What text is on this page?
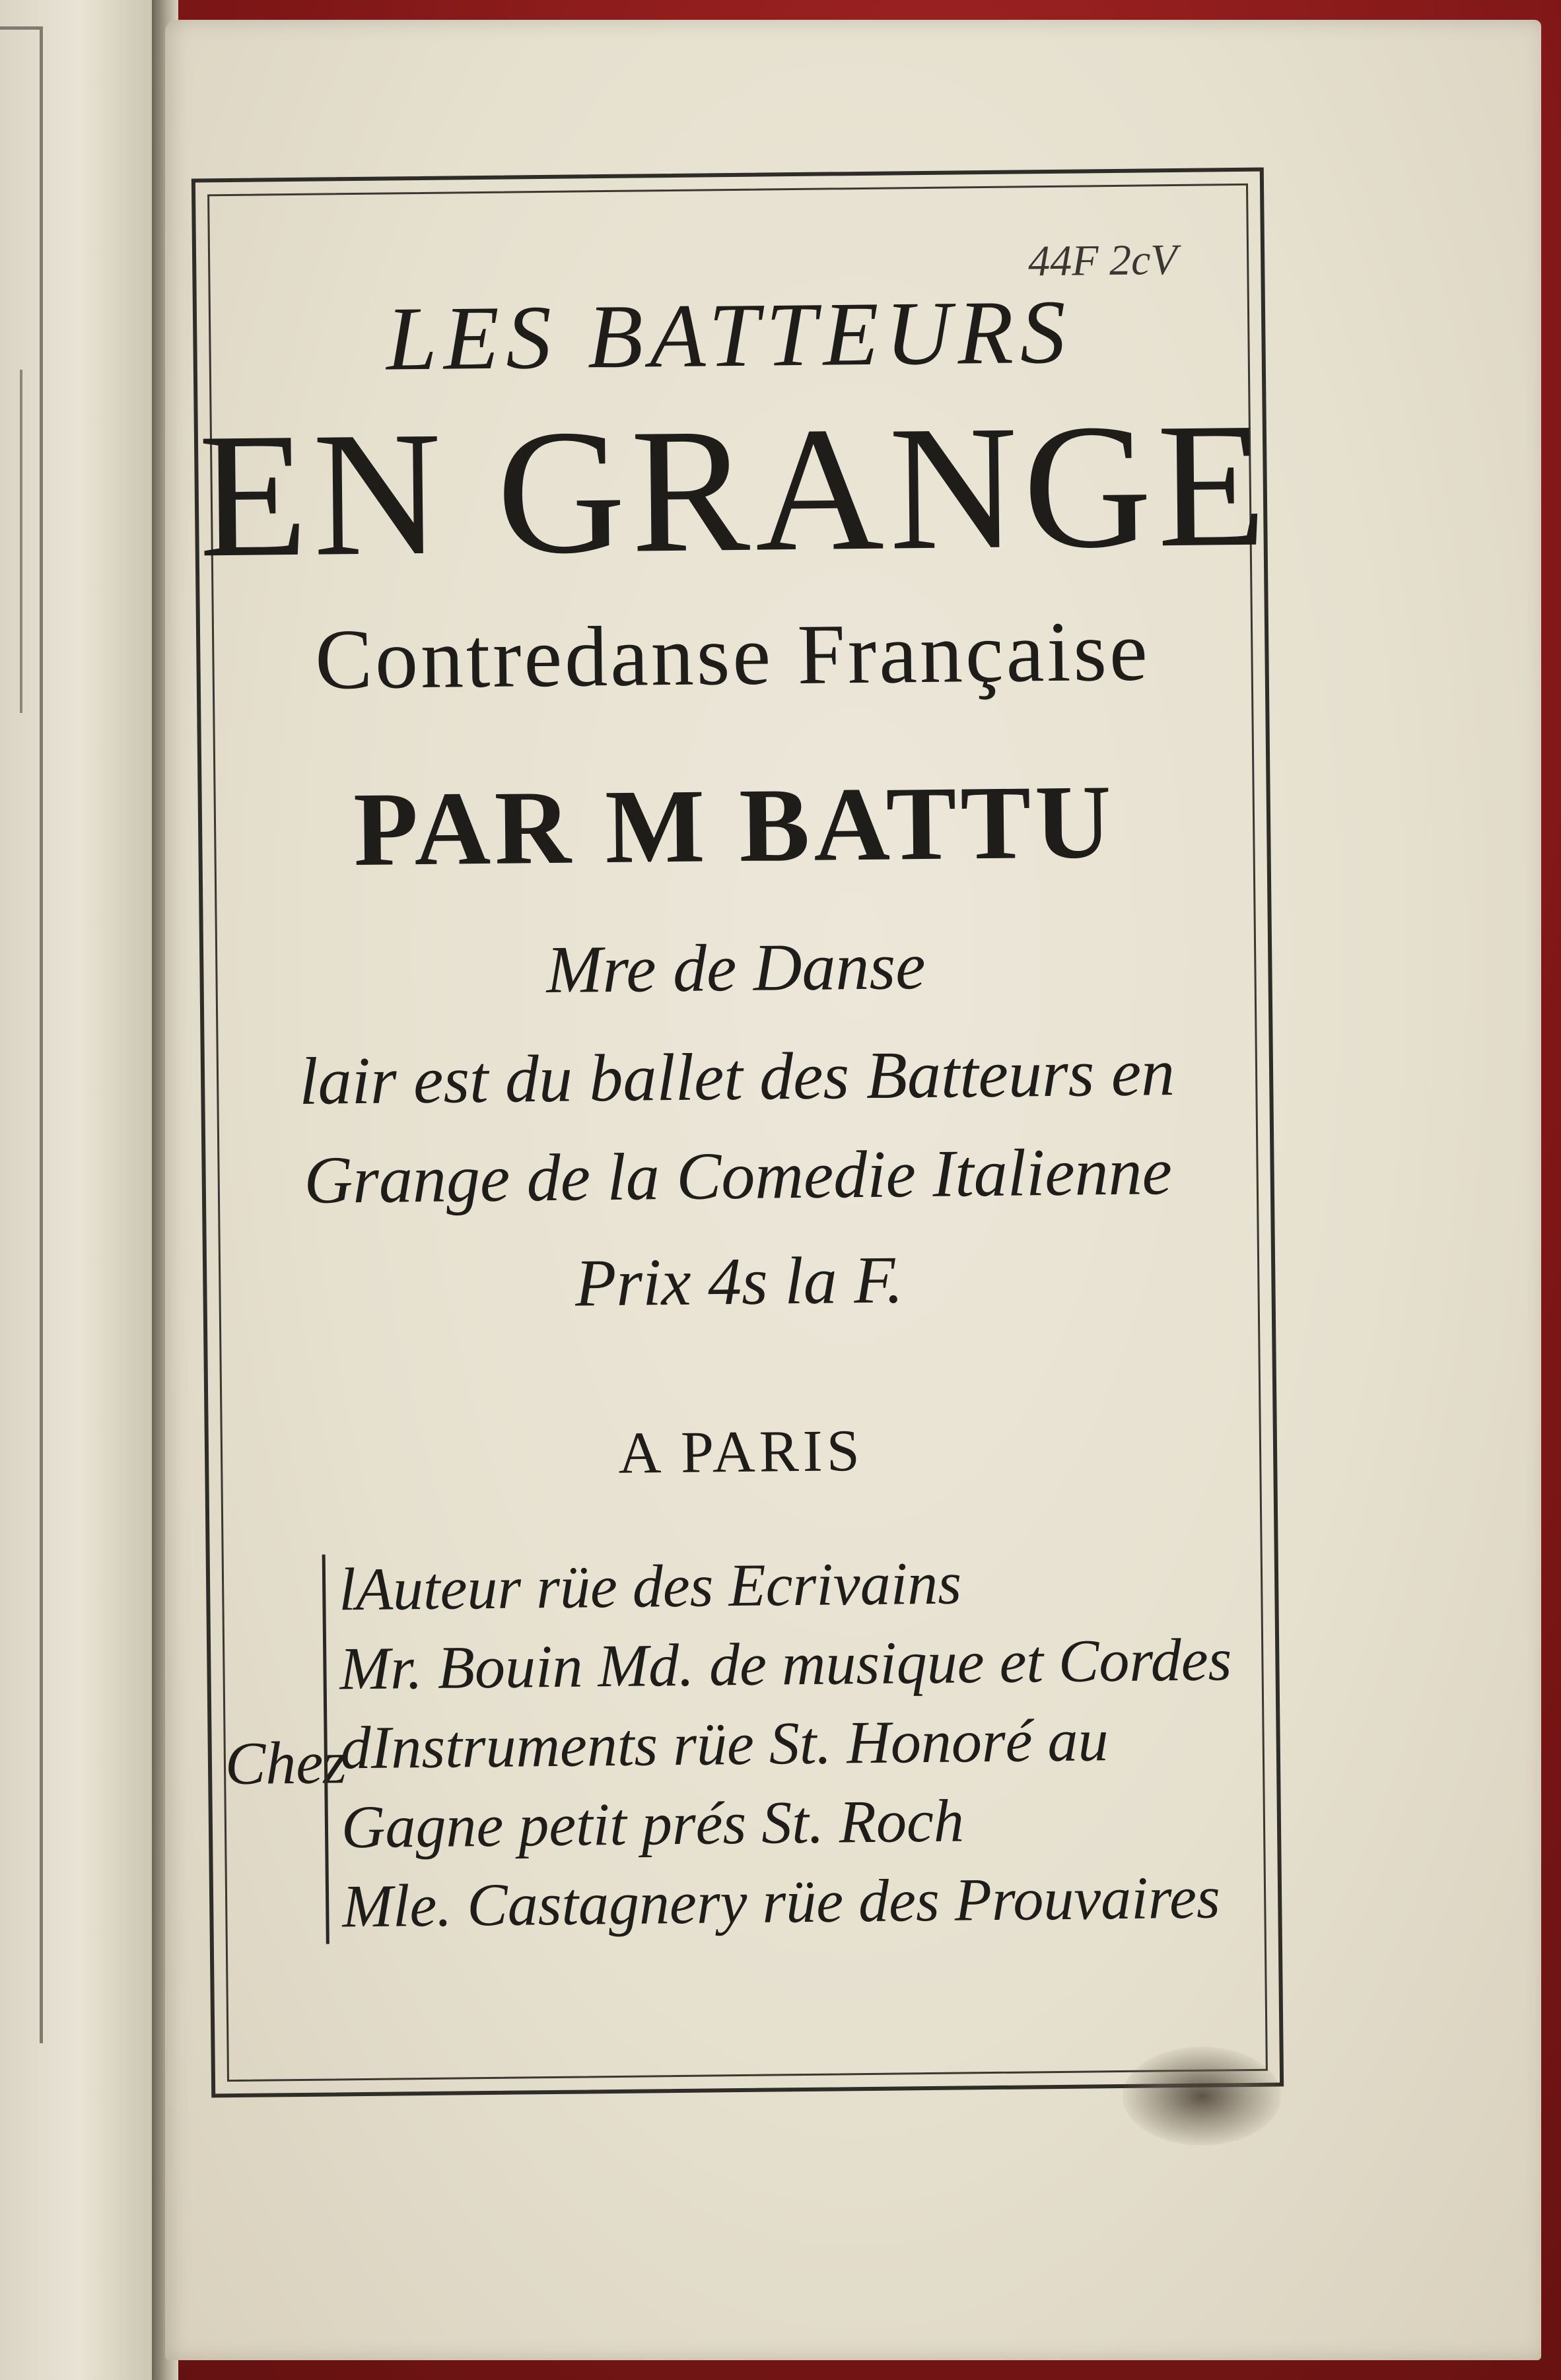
44F 2cV

LES BATTEURS

EN GRANGE

Contredanse Française

PAR M BATTU

Mre de Danse

lair est du ballet des Batteurs en

Grange de la Comedie Italienne

Prix 4s la F.

A PARIS

Chez
lAuteur rüe des Ecrivains
Mr. Bouin Md. de musique et Cordes
dInstruments rüe St. Honoré au
Gagne petit prés St. Roch
Mle. Castagnery rüe des Prouvaires
